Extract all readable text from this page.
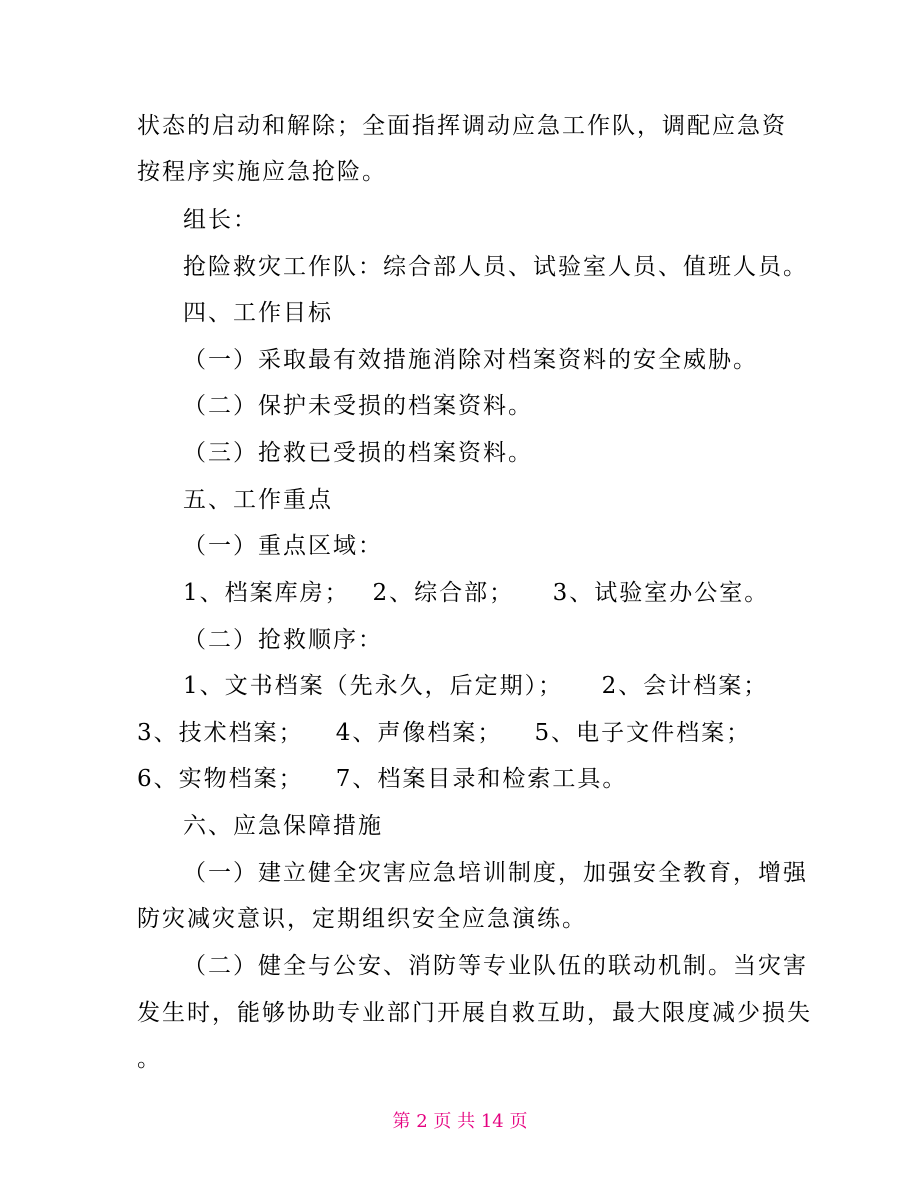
状态的启动和解除；全面指挥调动应急工作队，调配应急资
按程序实施应急抢险。
组长：
抢险救灾工作队：综合部人员、试验室人员、值班人员。
四、工作目标
（一）采取最有效措施消除对档案资料的安全威胁。
（二）保护未受损的档案资料。
（三）抢救已受损的档案资料。
五、工作重点
（一）重点区域：
1、档案库房；　 2、综合部；　　3、试验室办公室。
（二）抢救顺序：
1、文书档案（先永久，后定期）；　　2、会计档案；
3、技术档案；　  4、声像档案；　  5、电子文件档案；
6、实物档案；　  7、档案目录和检索工具。
六、应急保障措施
（一）建立健全灾害应急培训制度，加强安全教育，增强
防灾减灾意识，定期组织安全应急演练。
（二）健全与公安、消防等专业队伍的联动机制。当灾害
发生时，能够协助专业部门开展自救互助，最大限度减少损失
。
第 2 页 共 14 页
